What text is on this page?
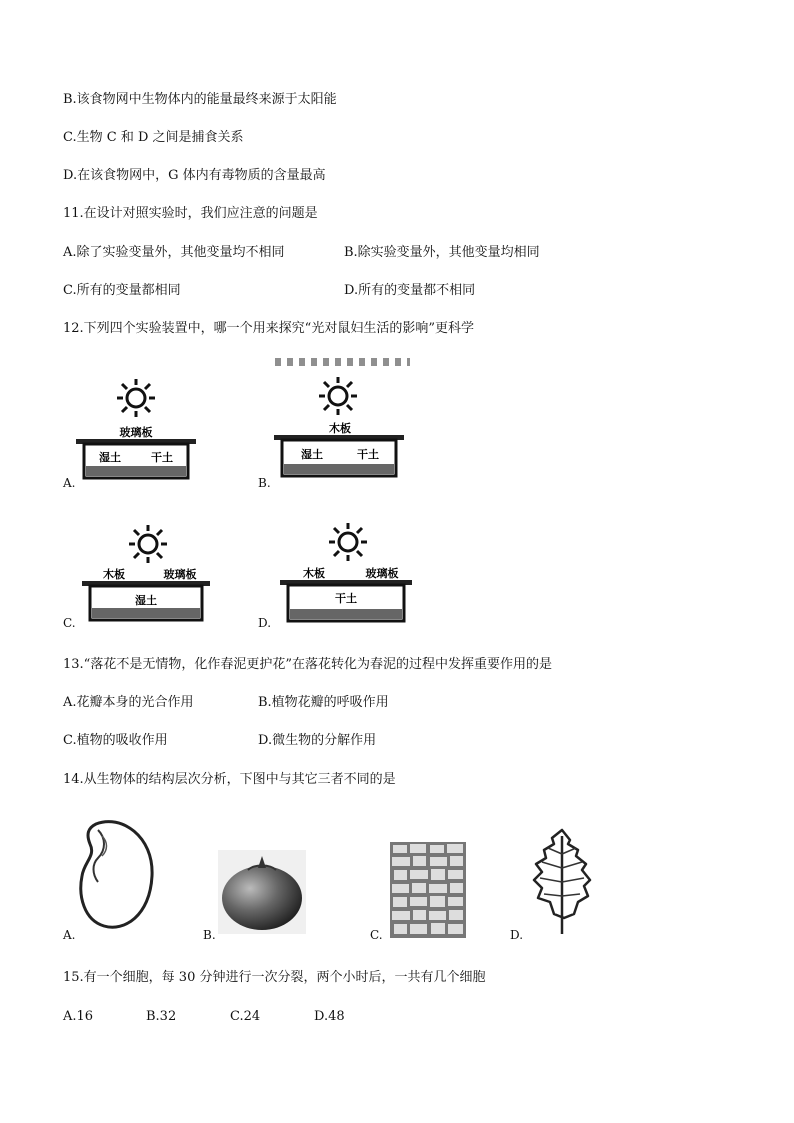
B.该食物网中生物体内的能量最终来源于太阳能
C.生物 C 和 D 之间是捕食关系
D.在该食物网中，G 体内有毒物质的含量最高
11.在设计对照实验时，我们应注意的问题是
A.除了实验变量外，其他变量均不相同	B.除实验变量外，其他变量均相同
C.所有的变量都相同	D.所有的变量都不相同
12.下列四个实验装置中，哪一个用来探究“光对鼠妇生活的影响”更科学
玻璃板
湿土	干土
A.
木板
湿土	干土
B.
木板	玻璃板
湿土
C.
木板	玻璃板
干土
D.
13.“落花不是无情物，化作春泥更护花”在落花转化为春泥的过程中发挥重要作用的是
A.花瓣本身的光合作用	B.植物花瓣的呼吸作用
C.植物的吸收作用	D.微生物的分解作用
14.从生物体的结构层次分析，下图中与其它三者不同的是
A.	B.	C.	D.
15.有一个细胞，每 30 分钟进行一次分裂，两个小时后，一共有几个细胞
A.16	B.32	C.24	D.48
